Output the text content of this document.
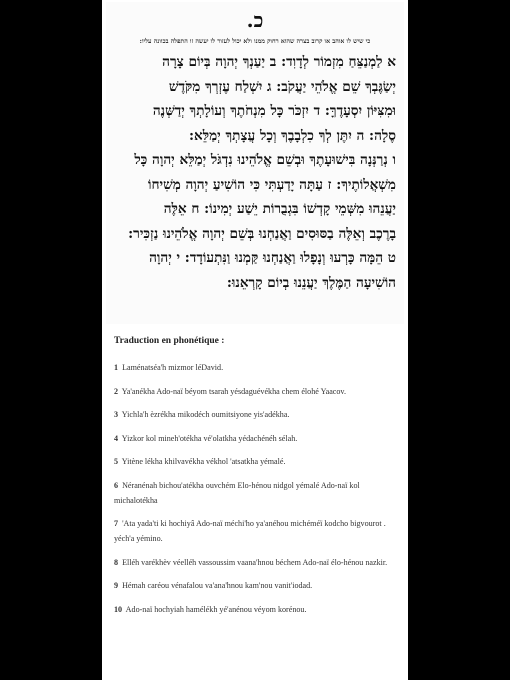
כ.
כי שיש לו אוהב או קרוב בצרה שהוא רחוק ממנו ולא יכול לעזור לו יעשה זו התפלה בכוונה עליו:
א לַמְנַצֵּחַ מִזְמוֹר לְדָוִד: ב יַעַנְךָ יְהוָה בְּיוֹם צָרָה
יְשַׂגֶּבְךָ שֵׁם אֱלֹהֵי יַעֲקֹב: ג יִשְׁלַח עֶזְרְךָ מִקֹּדֶשׁ
וּמִצִּיּוֹן יִסְעָדֶךָּ: ד יִזְכֹּר כָּל מִנְחֹתֶךָ וְעוֹלָתְךָ יְדַשְּׁנֶה
סֶלָה: ה יִתֶּן לְךָ כִלְבָבֶךָ וְכָל עֲצָתְךָ יְמַלֵּא:
ו נְרַנְּנָה בִּישׁוּעָתֶךָ וּבְשֵׁם אֱלֹהֵינוּ נִדְגֹּל יְמַלֵּא יְהוָה כָּל
מִשְׁאֲלוֹתֶיךָ: ז עַתָּה יָדַעְתִּי כִּי הוֹשִׁיעַ יְהוָה מְשִׁיחוֹ
יַעֲנֵהוּ מִשְּׁמֵי קָדְשׁוֹ בִּגְבֻרוֹת יֵשַׁע יְמִינוֹ: ח אֵלֶּה
בָרֶכֶב וְאֵלֶּה בַסּוּסִים וַאֲנַחְנוּ בְּשֵׁם יְהוָה אֱלֹהֵינוּ נַזְכִּיר:
ט הֵמָּה כָּרְעוּ וְנָפָלוּ וַאֲנַחְנוּ קַּמְנוּ וַנִּתְעוֹדָד: י יְהוָה
הוֹשִׁיעָה הַמֶּלֶךְ יַעֲנֵנוּ בְיוֹם קָרְאֵנוּ:
Traduction en phonétique :
1 Laménatséa'h mizmor léDavid.
2 Ya'anékha Ado-naï béyom tsarah yésdaguévékha chem élohé Yaacov.
3 Yichla'h èzrékha mikodéch oumitsiyone yis'adékha.
4 Yizkor kol mineh'otékha vé'olatkha yédachénéh sélah.
5 Yitène lékha khilvavékha vékhol 'atsatkha yémalé.
6 Néranénah bichou'atékha ouvchém Elo-hénou nidgol yémalé Ado-naï kol michalotékha
7 'Ata yada'ti ki hochiyâ Ado-naï méchi'ho ya'anéhou michéméï kodcho bigvourot . yéch'a yémino.
8 Elléh varékhèv véelléh vassoussim vaana'hnou béchem Ado-naï élo-hénou nazkir.
9 Hémah caréou vénafalou va'ana'hnou kam'nou vanit'iodad.
10 Ado-naï hochyiah hamélékh yé'anénou véyom korénou.
